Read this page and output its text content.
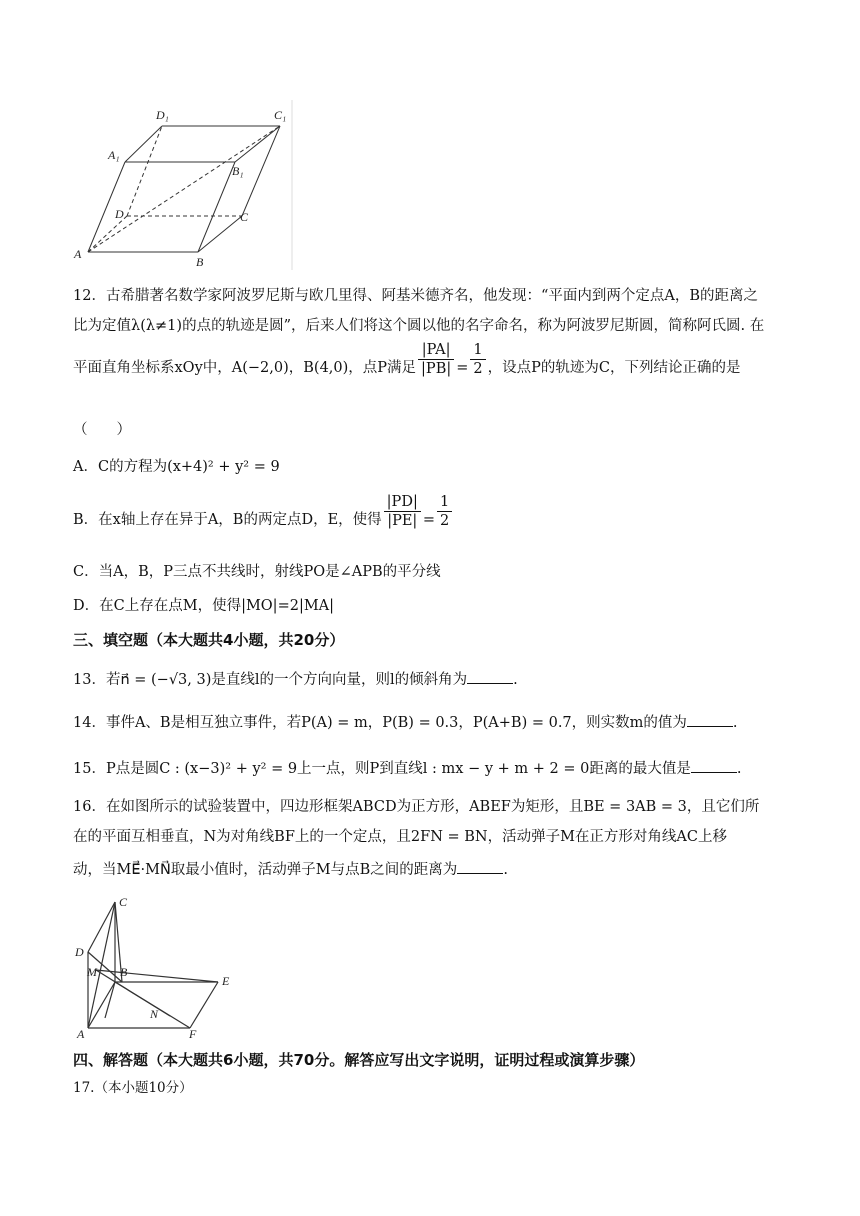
D₁	C₁
A₁
B₁
D	C
A
B
12．古希腊著名数学家阿波罗尼斯与欧几里得、阿基米德齐名，他发现：“平面内到两个定点A，B的距离之
比为定值λ(λ≠1)的点的轨迹是圆”，后来人们将这个圆以他的名字命名，称为阿波罗尼斯圆，简称阿氏圆. 在
平面直角坐标系xOy中，A(−2,0)，B(4,0)，点P满足 $\frac{|PA|}{|PB|} = \frac{1}{2}$ ，设点P的轨迹为C，下列结论正确的是
（　　）
A．C的方程为(x+4)² + y² = 9
B．在x轴上存在异于A，B的两定点D，E，使得 $\frac{|PD|}{|PE|} = \frac{1}{2}$
C．当A，B，P三点不共线时，射线PO是∠APB的平分线
D．在C上存在点M，使得|MO|=2|MA|
三、填空题（本大题共4小题，共20分）
13．若n⃗ = (−√3, 3)是直线l的一个方向向量，则l的倾斜角为	.
14．事件A、B是相互独立事件，若P(A) = m，P(B) = 0.3，P(A+B) = 0.7，则实数m的值为	.
15．P点是圆C : (x−3)² + y² = 9上一点，则P到直线l : mx − y + m + 2 = 0距离的最大值是	.
16．在如图所示的试验装置中，四边形框架ABCD为正方形，ABEF为矩形，且BE = 3AB = 3，且它们所
在的平面互相垂直，N为对角线BF上的一个定点，且2FN = BN，活动弹子M在正方形对角线AC上移
动，当ME⃗·MN⃗取最小值时，活动弹子M与点B之间的距离为	.
C
D
M B
E
N
A	F
四、解答题（本大题共6小题，共70分。解答应写出文字说明，证明过程或演算步骤）
17.（本小题10分）
